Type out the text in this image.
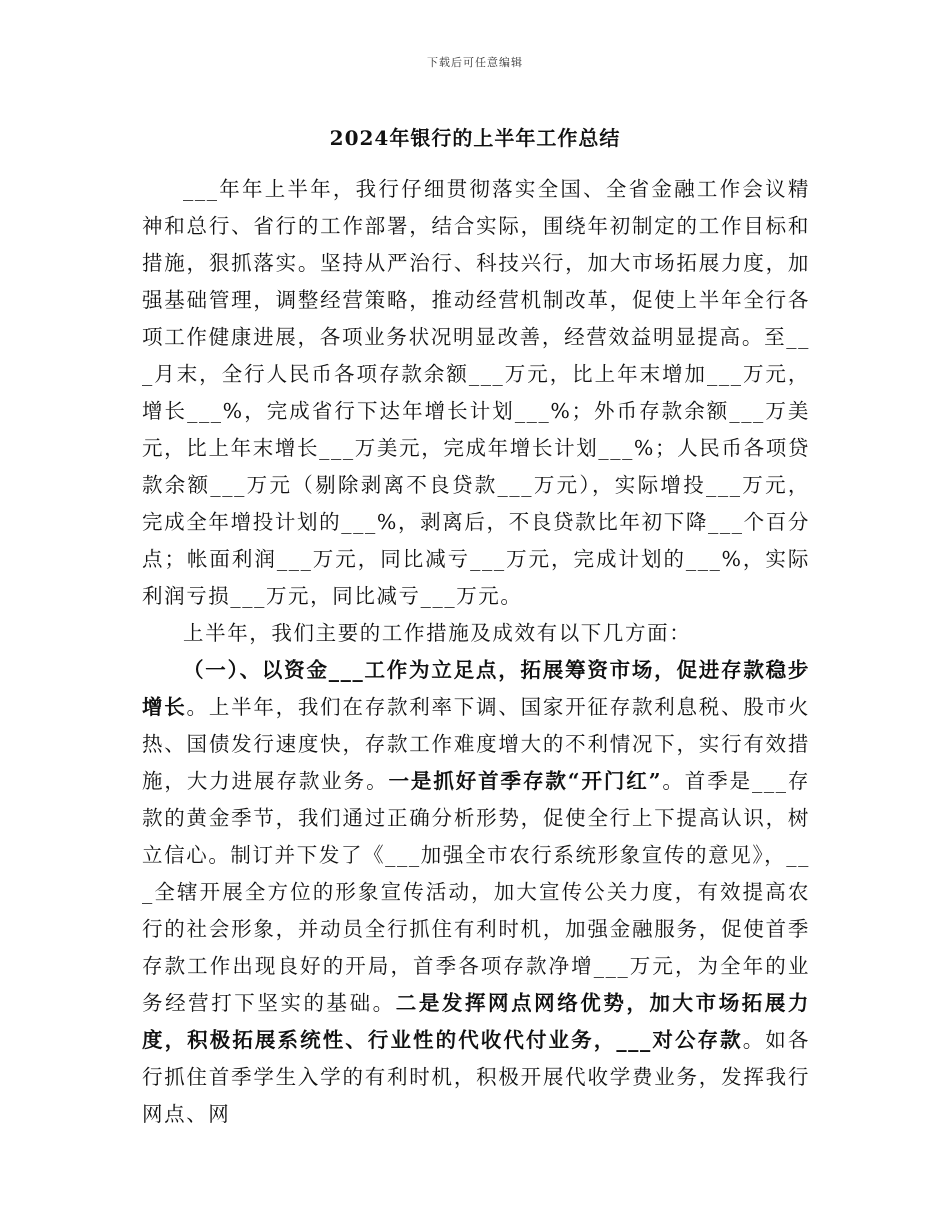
下载后可任意编辑
2024年银行的上半年工作总结

___年年上半年，我行仔细贯彻落实全国、全省金融工作会议精神和总行、省行的工作部署，结合实际，围绕年初制定的工作目标和措施，狠抓落实。坚持从严治行、科技兴行，加大市场拓展力度，加强基础管理，调整经营策略，推动经营机制改革，促使上半年全行各项工作健康进展，各项业务状况明显改善，经营效益明显提高。至___月末，全行人民币各项存款余额___万元，比上年末增加___万元，增长___%，完成省行下达年增长计划___%；外币存款余额___万美元，比上年末增长___万美元，完成年增长计划___%；人民币各项贷款余额___万元（剔除剥离不良贷款___万元），实际增投___万元，完成全年增投计划的___%，剥离后，不良贷款比年初下降___个百分点；帐面利润___万元，同比减亏___万元，完成计划的___%，实际利润亏损___万元，同比减亏___万元。

上半年，我们主要的工作措施及成效有以下几方面：

（一）、以资金___工作为立足点，拓展筹资市场，促进存款稳步增长。上半年，我们在存款利率下调、国家开征存款利息税、股市火热、国债发行速度快，存款工作难度增大的不利情况下，实行有效措施，大力进展存款业务。一是抓好首季存款“开门红”。首季是___存款的黄金季节，我们通过正确分析形势，促使全行上下提高认识，树立信心。制订并下发了《___加强全市农行系统形象宣传的意见》，___全辖开展全方位的形象宣传活动，加大宣传公关力度，有效提高农行的社会形象，并动员全行抓住有利时机，加强金融服务，促使首季存款工作出现良好的开局，首季各项存款净增___万元，为全年的业务经营打下坚实的基础。二是发挥网点网络优势，加大市场拓展力度，积极拓展系统性、行业性的代收代付业务，___对公存款。如各行抓住首季学生入学的有利时机，积极开展代收学费业务，发挥我行网点、网
